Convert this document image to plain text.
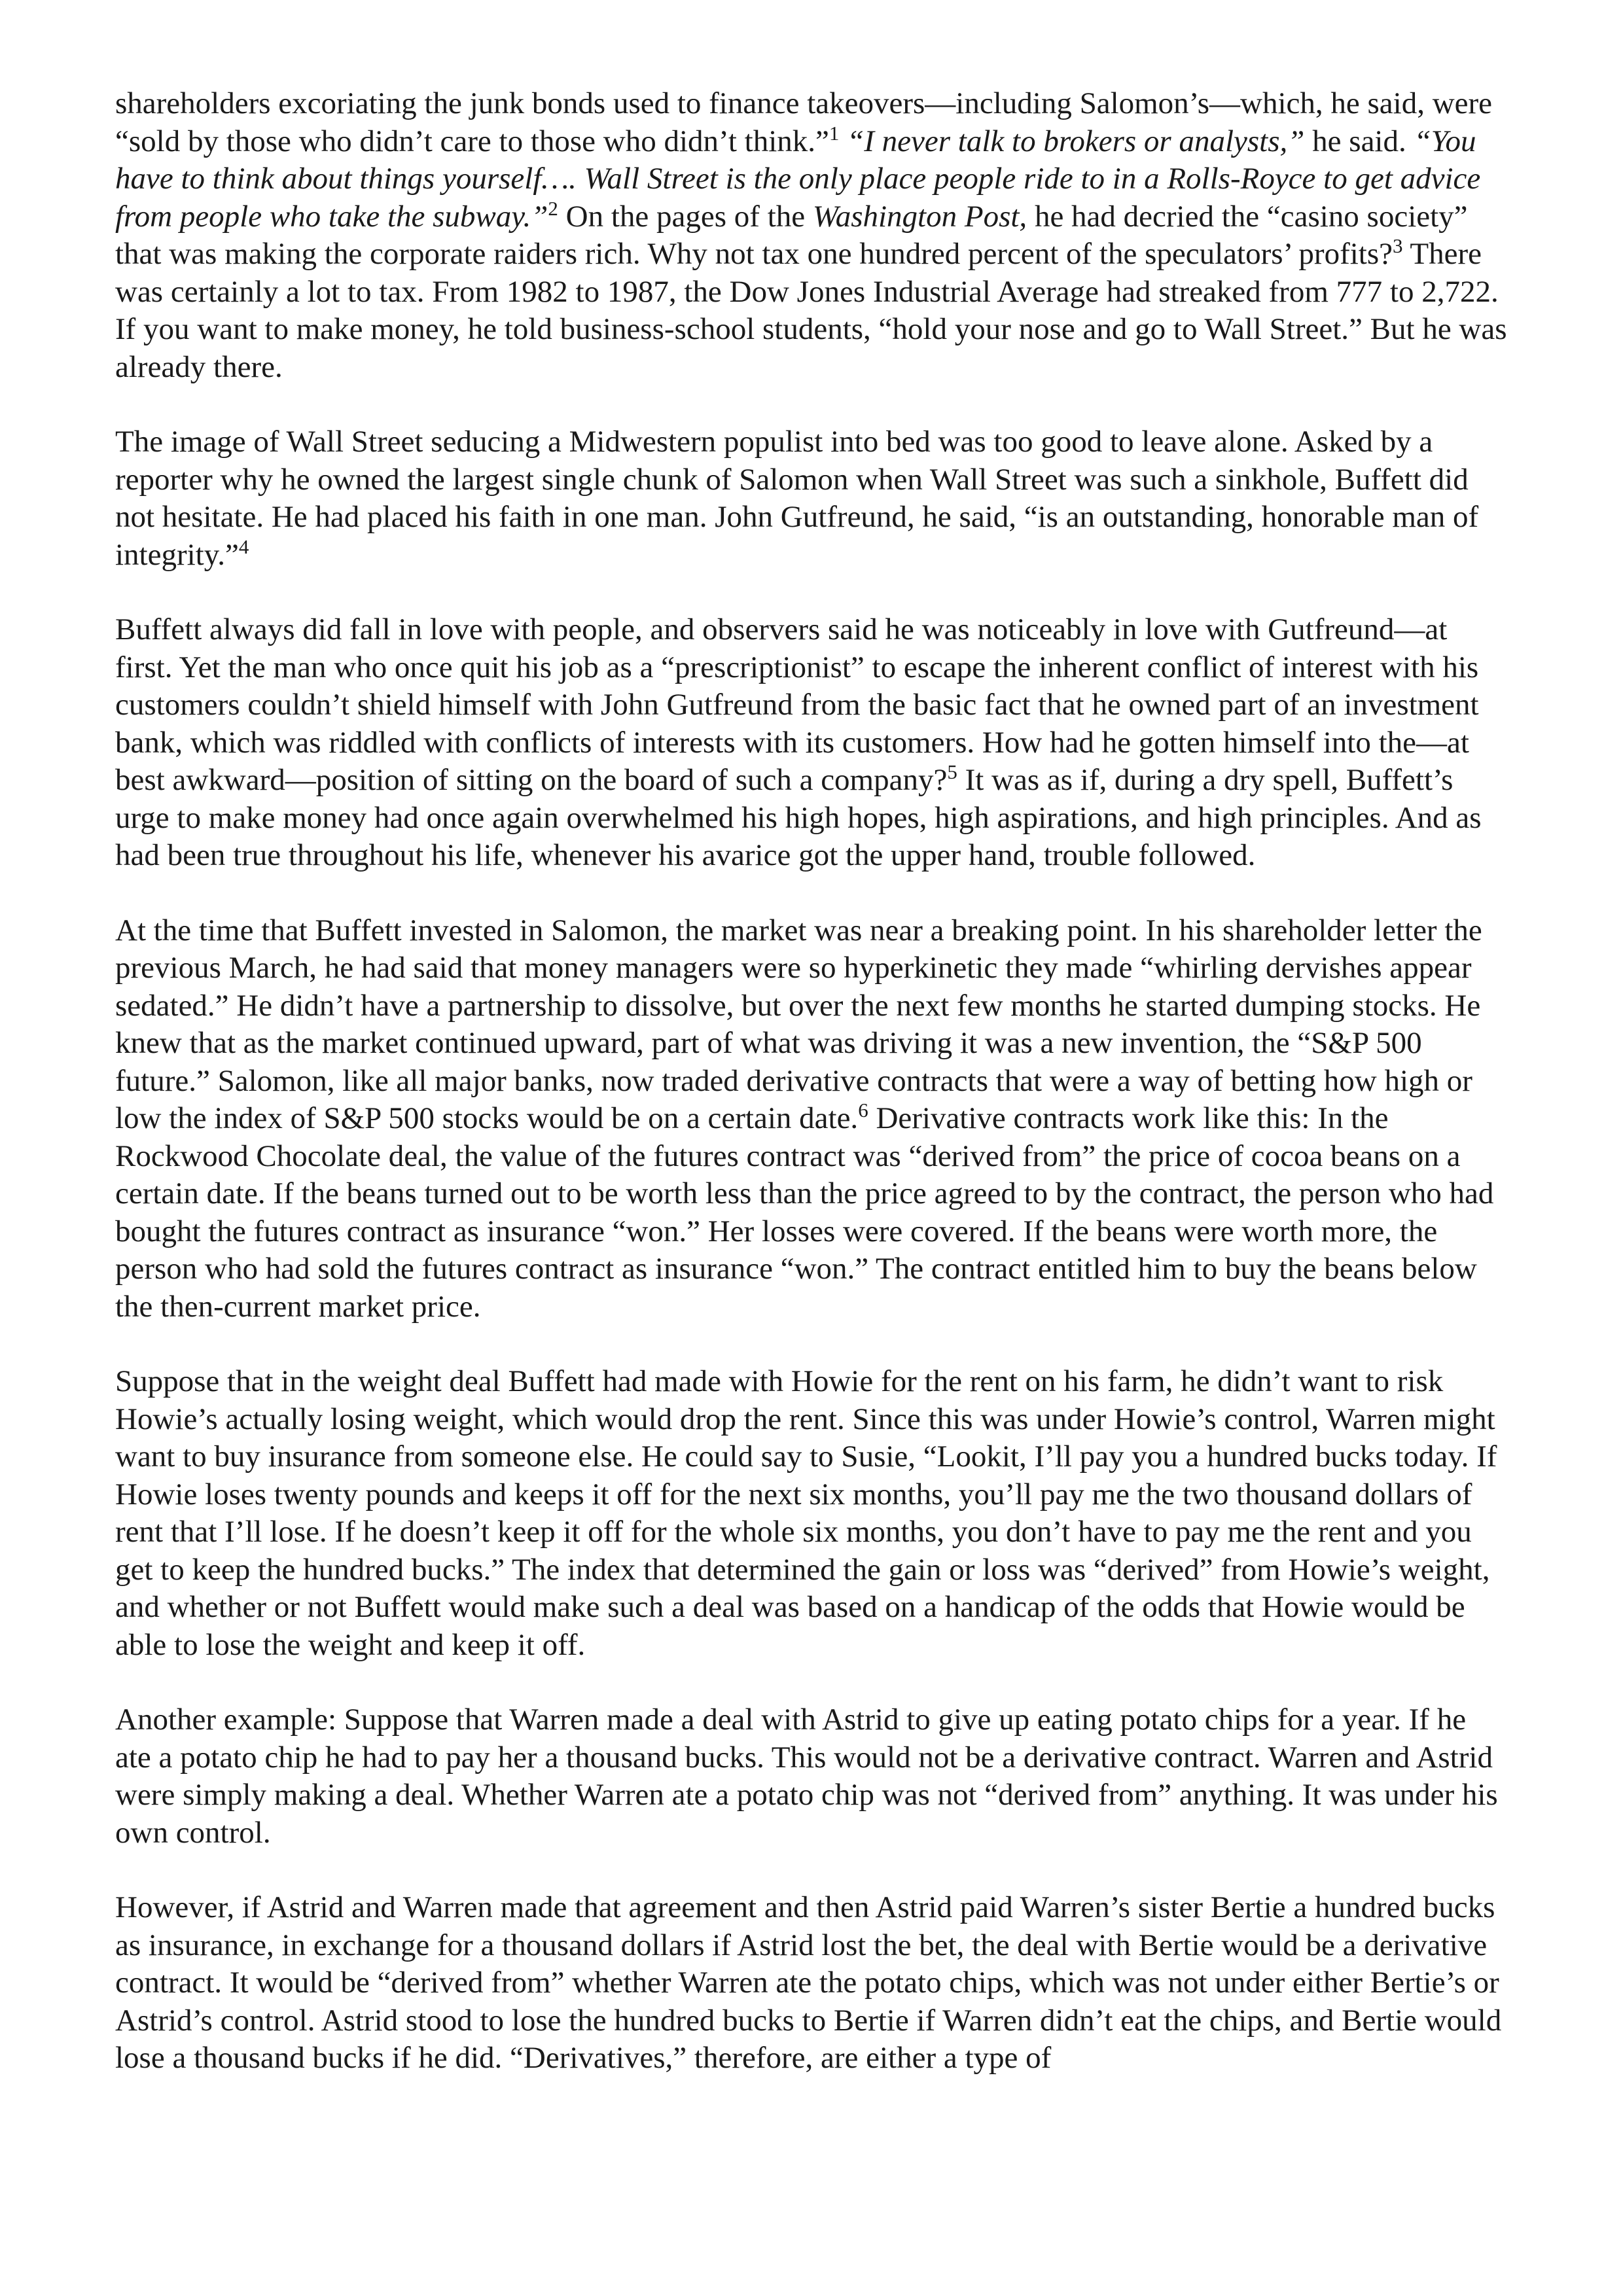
shareholders excoriating the junk bonds used to finance takeovers—including Salomon’s—which, he said, were “sold by those who didn’t care to those who didn’t think.”$^1$ “I never talk to brokers or analysts,” he said. “You have to think about things yourself…. Wall Street is the only place people ride to in a Rolls-Royce to get advice from people who take the subway.”$^2$ On the pages of the Washington Post, he had decried the “casino society” that was making the corporate raiders rich. Why not tax one hundred percent of the speculators’ profits?$^3$ There was certainly a lot to tax. From 1982 to 1987, the Dow Jones Industrial Average had streaked from 777 to 2,722. If you want to make money, he told business-school students, “hold your nose and go to Wall Street.” But he was already there.
The image of Wall Street seducing a Midwestern populist into bed was too good to leave alone. Asked by a reporter why he owned the largest single chunk of Salomon when Wall Street was such a sinkhole, Buffett did not hesitate. He had placed his faith in one man. John Gutfreund, he said, “is an outstanding, honorable man of integrity.”$^4$
Buffett always did fall in love with people, and observers said he was noticeably in love with Gutfreund—at first. Yet the man who once quit his job as a “prescriptionist” to escape the inherent conflict of interest with his customers couldn’t shield himself with John Gutfreund from the basic fact that he owned part of an investment bank, which was riddled with conflicts of interests with its customers. How had he gotten himself into the—at best awkward—position of sitting on the board of such a company?$^5$ It was as if, during a dry spell, Buffett’s urge to make money had once again overwhelmed his high hopes, high aspirations, and high principles. And as had been true throughout his life, whenever his avarice got the upper hand, trouble followed.
At the time that Buffett invested in Salomon, the market was near a breaking point. In his shareholder letter the previous March, he had said that money managers were so hyperkinetic they made “whirling dervishes appear sedated.” He didn’t have a partnership to dissolve, but over the next few months he started dumping stocks. He knew that as the market continued upward, part of what was driving it was a new invention, the “S&P 500 future.” Salomon, like all major banks, now traded derivative contracts that were a way of betting how high or low the index of S&P 500 stocks would be on a certain date.$^6$ Derivative contracts work like this: In the Rockwood Chocolate deal, the value of the futures contract was “derived from” the price of cocoa beans on a certain date. If the beans turned out to be worth less than the price agreed to by the contract, the person who had bought the futures contract as insurance “won.” Her losses were covered. If the beans were worth more, the person who had sold the futures contract as insurance “won.” The contract entitled him to buy the beans below the then-current market price.
Suppose that in the weight deal Buffett had made with Howie for the rent on his farm, he didn’t want to risk Howie’s actually losing weight, which would drop the rent. Since this was under Howie’s control, Warren might want to buy insurance from someone else. He could say to Susie, “Lookit, I’ll pay you a hundred bucks today. If Howie loses twenty pounds and keeps it off for the next six months, you’ll pay me the two thousand dollars of rent that I’ll lose. If he doesn’t keep it off for the whole six months, you don’t have to pay me the rent and you get to keep the hundred bucks.” The index that determined the gain or loss was “derived” from Howie’s weight, and whether or not Buffett would make such a deal was based on a handicap of the odds that Howie would be able to lose the weight and keep it off.
Another example: Suppose that Warren made a deal with Astrid to give up eating potato chips for a year. If he ate a potato chip he had to pay her a thousand bucks. This would not be a derivative contract. Warren and Astrid were simply making a deal. Whether Warren ate a potato chip was not “derived from” anything. It was under his own control.
However, if Astrid and Warren made that agreement and then Astrid paid Warren’s sister Bertie a hundred bucks as insurance, in exchange for a thousand dollars if Astrid lost the bet, the deal with Bertie would be a derivative contract. It would be “derived from” whether Warren ate the potato chips, which was not under either Bertie’s or Astrid’s control. Astrid stood to lose the hundred bucks to Bertie if Warren didn’t eat the chips, and Bertie would lose a thousand bucks if he did. “Derivatives,” therefore, are either a type of
